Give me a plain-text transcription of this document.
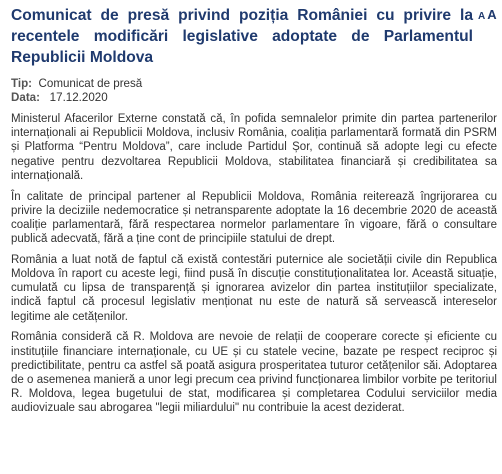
Comunicat de presă privind poziția României cu privire la recentele modificări legislative adoptate de Parlamentul Republicii Moldova
A A
Tip: Comunicat de presă
Data: 17.12.2020

Ministerul Afacerilor Externe constată că, în pofida semnalelor primite din partea partenerilor internaționali ai Republicii Moldova, inclusiv România, coaliția parlamentară formată din PSRM și Platforma “Pentru Moldova”, care include Partidul Șor, continuă să adopte legi cu efecte negative pentru dezvoltarea Republicii Moldova, stabilitatea financiară și credibilitatea sa internațională.

În calitate de principal partener al Republicii Moldova, România reiterează îngrijorarea cu privire la deciziile nedemocratice și netransparente adoptate la 16 decembrie 2020 de această coaliție parlamentară, fără respectarea normelor parlamentare în vigoare, fără o consultare publică adecvată, fără a ține cont de principiile statului de drept.

România a luat notă de faptul că există contestări puternice ale societății civile din Republica Moldova în raport cu aceste legi, fiind pusă în discuție constituționalitatea lor. Această situație, cumulată cu lipsa de transparență și ignorarea avizelor din partea instituțiilor specializate, indică faptul că procesul legislativ menționat nu este de natură să servească intereselor legitime ale cetățenilor.

România consideră că R. Moldova are nevoie de relații de cooperare corecte și eficiente cu instituțiile financiare internaționale, cu UE și cu statele vecine, bazate pe respect reciproc și predictibilitate, pentru ca astfel să poată asigura prosperitatea tuturor cetățenilor săi. Adoptarea de o asemenea manieră a unor legi precum cea privind funcționarea limbilor vorbite pe teritoriul R. Moldova, legea bugetului de stat, modificarea și completarea Codului serviciilor media audiovizuale sau abrogarea "legii miliardului" nu contribuie la acest deziderat.
